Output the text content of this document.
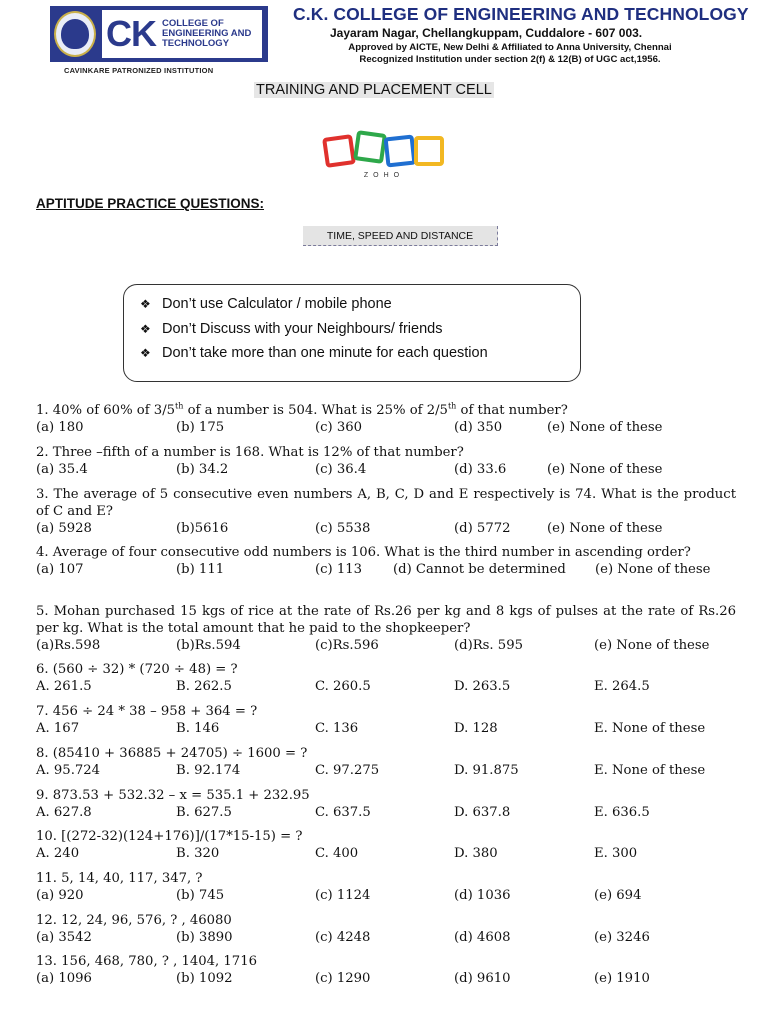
CK COLLEGE OF
ENGINEERING AND
TECHNOLOGY
CAVINKARE PATRONIZED INSTITUTION
C.K. COLLEGE OF ENGINEERING AND TECHNOLOGY
Jayaram Nagar, Chellangkuppam, Cuddalore - 607 003.
Approved by AICTE, New Delhi & Affiliated to Anna University, Chennai
Recognized Institution under section 2(f) & 12(B) of UGC act,1956.
TRAINING AND PLACEMENT CELL
ZOHO
APTITUDE PRACTICE QUESTIONS:
TIME, SPEED AND DISTANCE
❖ Don’t use Calculator / mobile phone
❖ Don’t Discuss with your Neighbours/ friends
❖ Don’t take more than one minute for each question
1. 40% of 60% of 3/5th of a number is 504. What is 25% of 2/5th of that number?
(a) 180	(b) 175	(c) 360	(d) 350	(e) None of these
2. Three –fifth of a number is 168. What is 12% of that number?
(a) 35.4	(b) 34.2	(c) 36.4	(d) 33.6	(e) None of these
3. The average of 5 consecutive even numbers A, B, C, D and E respectively is 74. What is the product of C and E?
(a) 5928	(b)5616	(c) 5538	(d) 5772	(e) None of these
4. Average of four consecutive odd numbers is 106. What is the third number in ascending order?
(a) 107	(b) 111	(c) 113 (d) Cannot be determined (e) None of these
5. Mohan purchased 15 kgs of rice at the rate of Rs.26 per kg and 8 kgs of pulses at the rate of Rs.26 per kg. What is the total amount that he paid to the shopkeeper?
(a)Rs.598	(b)Rs.594	(c)Rs.596	(d)Rs. 595	(e) None of these
6. (560 ÷ 32) * (720 ÷ 48) = ?
A. 261.5	B. 262.5	C. 260.5	D. 263.5	E. 264.5
7. 456 ÷ 24 * 38 – 958 + 364 = ?
A. 167	B. 146	C. 136	D. 128	E. None of these
8. (85410 + 36885 + 24705) ÷ 1600 = ?
A. 95.724	B. 92.174	C. 97.275	D. 91.875	E. None of these
9. 873.53 + 532.32 – x = 535.1 + 232.95
A. 627.8	B. 627.5	C. 637.5	D. 637.8	E. 636.5
10. [(272-32)(124+176)]/(17*15-15) = ?
A. 240	B. 320	C. 400	D. 380	E. 300
11. 5, 14, 40, 117, 347, ?
(a) 920	(b) 745	(c) 1124	(d) 1036	(e) 694
12. 12, 24, 96, 576, ? , 46080
(a) 3542	(b) 3890	(c) 4248	(d) 4608	(e) 3246
13. 156, 468, 780, ? , 1404, 1716
(a) 1096	(b) 1092	(c) 1290	(d) 9610	(e) 1910
